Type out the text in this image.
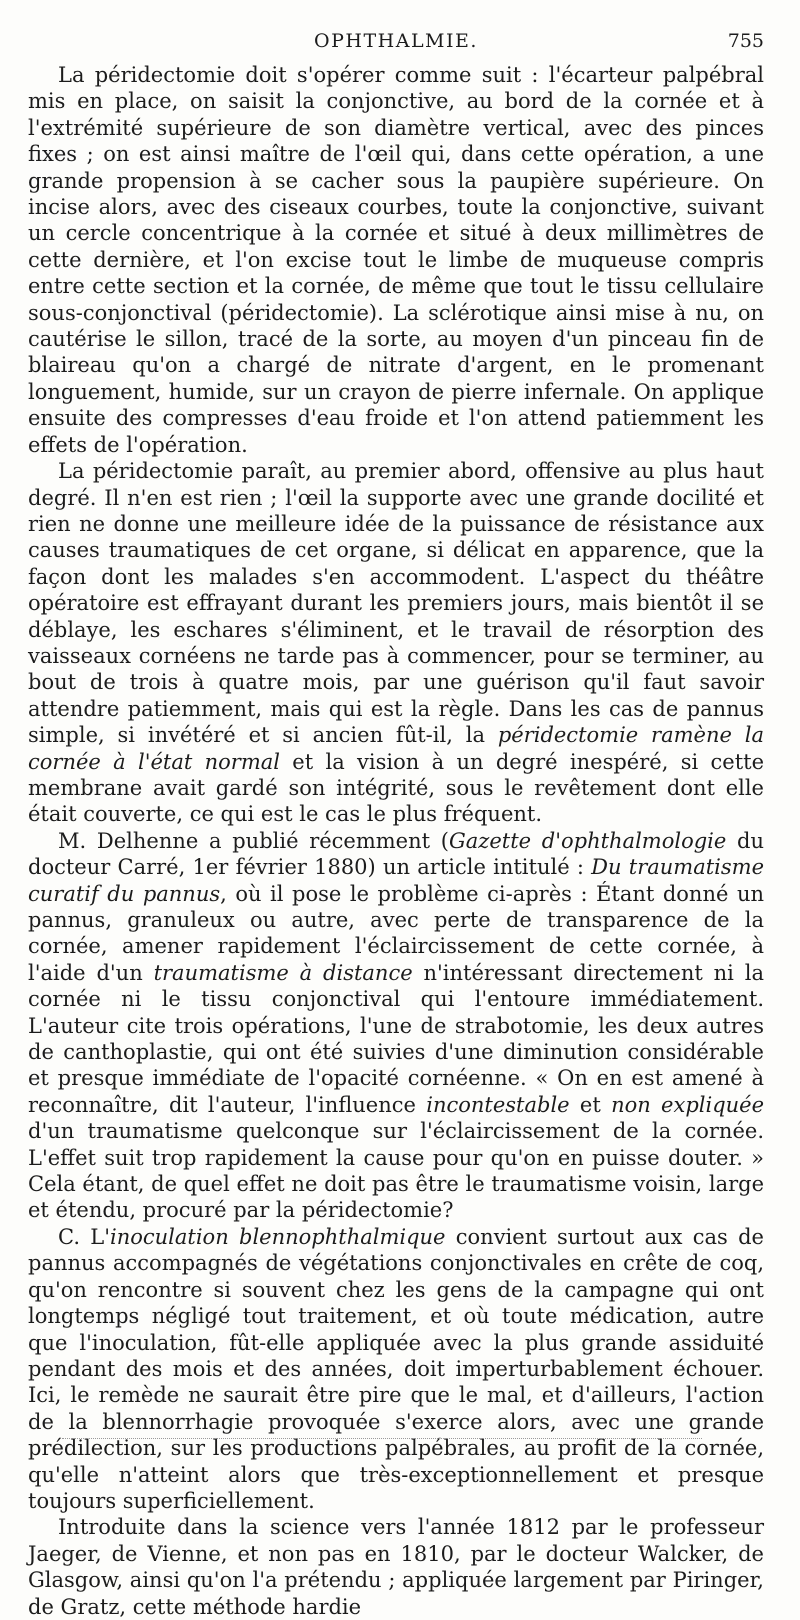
OPHTHALMIE.	755

La péridectomie doit s'opérer comme suit : l'écarteur palpébral mis en place, on saisit la conjonctive, au bord de la cornée et à l'extrémité supérieure de son diamètre vertical, avec des pinces fixes ; on est ainsi maître de l'œil qui, dans cette opération, a une grande propension à se cacher sous la paupière supérieure. On incise alors, avec des ciseaux courbes, toute la conjonctive, suivant un cercle concentrique à la cornée et situé à deux millimètres de cette dernière, et l'on excise tout le limbe de muqueuse compris entre cette section et la cornée, de même que tout le tissu cellulaire sous-conjonctival (péridectomie). La sclérotique ainsi mise à nu, on cautérise le sillon, tracé de la sorte, au moyen d'un pinceau fin de blaireau qu'on a chargé de nitrate d'argent, en le promenant longuement, humide, sur un crayon de pierre infernale. On applique ensuite des compresses d'eau froide et l'on attend patiemment les effets de l'opération.

La péridectomie paraît, au premier abord, offensive au plus haut degré. Il n'en est rien ; l'œil la supporte avec une grande docilité et rien ne donne une meilleure idée de la puissance de résistance aux causes traumatiques de cet organe, si délicat en apparence, que la façon dont les malades s'en accommodent. L'aspect du théâtre opératoire est effrayant durant les premiers jours, mais bientôt il se déblaye, les eschares s'éliminent, et le travail de résorption des vaisseaux cornéens ne tarde pas à commencer, pour se terminer, au bout de trois à quatre mois, par une guérison qu'il faut savoir attendre patiemment, mais qui est la règle. Dans les cas de pannus simple, si invétéré et si ancien fût-il, la péridectomie ramène la cornée à l'état normal et la vision à un degré inespéré, si cette membrane avait gardé son intégrité, sous le revêtement dont elle était couverte, ce qui est le cas le plus fréquent.

M. Delhenne a publié récemment (Gazette d'ophthalmologie du docteur Carré, 1er février 1880) un article intitulé : Du traumatisme curatif du pannus, où il pose le problème ci-après : Étant donné un pannus, granuleux ou autre, avec perte de transparence de la cornée, amener rapidement l'éclaircissement de cette cornée, à l'aide d'un traumatisme à distance n'intéressant directement ni la cornée ni le tissu conjonctival qui l'entoure immédiatement. L'auteur cite trois opérations, l'une de strabotomie, les deux autres de canthoplastie, qui ont été suivies d'une diminution considérable et presque immédiate de l'opacité cornéenne. « On en est amené à reconnaître, dit l'auteur, l'influence incontestable et non expliquée d'un traumatisme quelconque sur l'éclaircissement de la cornée. L'effet suit trop rapidement la cause pour qu'on en puisse douter. » Cela étant, de quel effet ne doit pas être le traumatisme voisin, large et étendu, procuré par la péridectomie?

C. L'inoculation blennophthalmique convient surtout aux cas de pannus accompagnés de végétations conjonctivales en crête de coq, qu'on rencontre si souvent chez les gens de la campagne qui ont longtemps négligé tout traitement, et où toute médication, autre que l'inoculation, fût-elle appliquée avec la plus grande assiduité pendant des mois et des années, doit imperturbablement échouer. Ici, le remède ne saurait être pire que le mal, et d'ailleurs, l'action de la blennorrhagie provoquée s'exerce alors, avec une grande prédilection, sur les productions palpébrales, au profit de la cornée, qu'elle n'atteint alors que très-exceptionnellement et presque toujours superficiellement.

Introduite dans la science vers l'année 1812 par le professeur Jaeger, de Vienne, et non pas en 1810, par le docteur Walcker, de Glasgow, ainsi qu'on l'a prétendu ; appliquée largement par Piringer, de Gratz, cette méthode hardie
